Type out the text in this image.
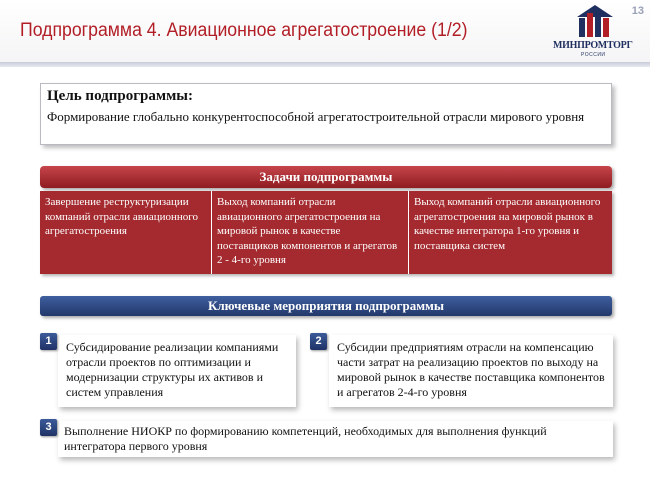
Подпрограмма 4. Авиационное агрегатостроение (1/2)
13
МИНПРОМТОРГ
РОССИИ
Цель подпрограммы:
Формирование глобально конкурентоспособной агрегатостроительной отрасли мирового уровня
Задачи подпрограммы
Завершение реструктуризации компаний отрасли авиационного агрегатостроения
Выход компаний отрасли авиационного агрегатостроения на мировой рынок в качестве поставщиков компонентов и агрегатов 2 - 4-го уровня
Выход компаний отрасли авиационного агрегатостроения на мировой рынок в качестве интегратора 1-го уровня и поставщика систем
Ключевые мероприятия подпрограммы
Субсидирование реализации компаниями отрасли проектов по оптимизации и модернизации структуры их активов и систем управления
1	Субсидии предприятиям отрасли на компенсацию части затрат на реализацию проектов по выходу на мировой рынок в качестве поставщика компонентов и агрегатов 2-4-го уровня
2
Выполнение НИОКР по формированию компетенций, необходимых для выполнения функций интегратора первого уровня
3
